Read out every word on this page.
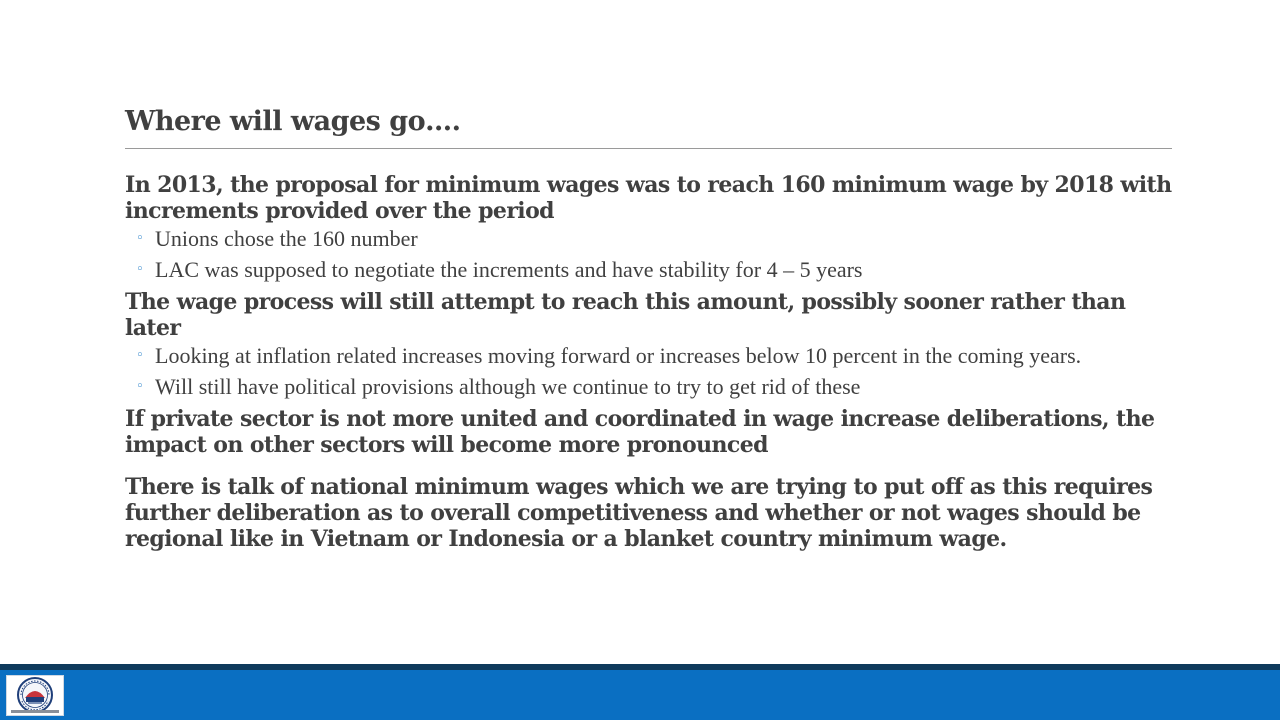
Where will wages go….
In 2013, the proposal for minimum wages was to reach 160 minimum wage by 2018 with increments provided over the period
◦ Unions chose the 160 number
◦ LAC was supposed to negotiate the increments and have stability for 4 – 5 years
The wage process will still attempt to reach this amount, possibly sooner rather than later
◦ Looking at inflation related increases moving forward or increases below 10 percent in the coming years.
◦ Will still have political provisions although we continue to try to get rid of these
If private sector is not more united and coordinated in wage increase deliberations, the impact on other sectors will become more pronounced
There is talk of national minimum wages which we are trying to put off as this requires further deliberation as to overall competitiveness and whether or not wages should be regional like in Vietnam or Indonesia or a blanket country minimum wage.
